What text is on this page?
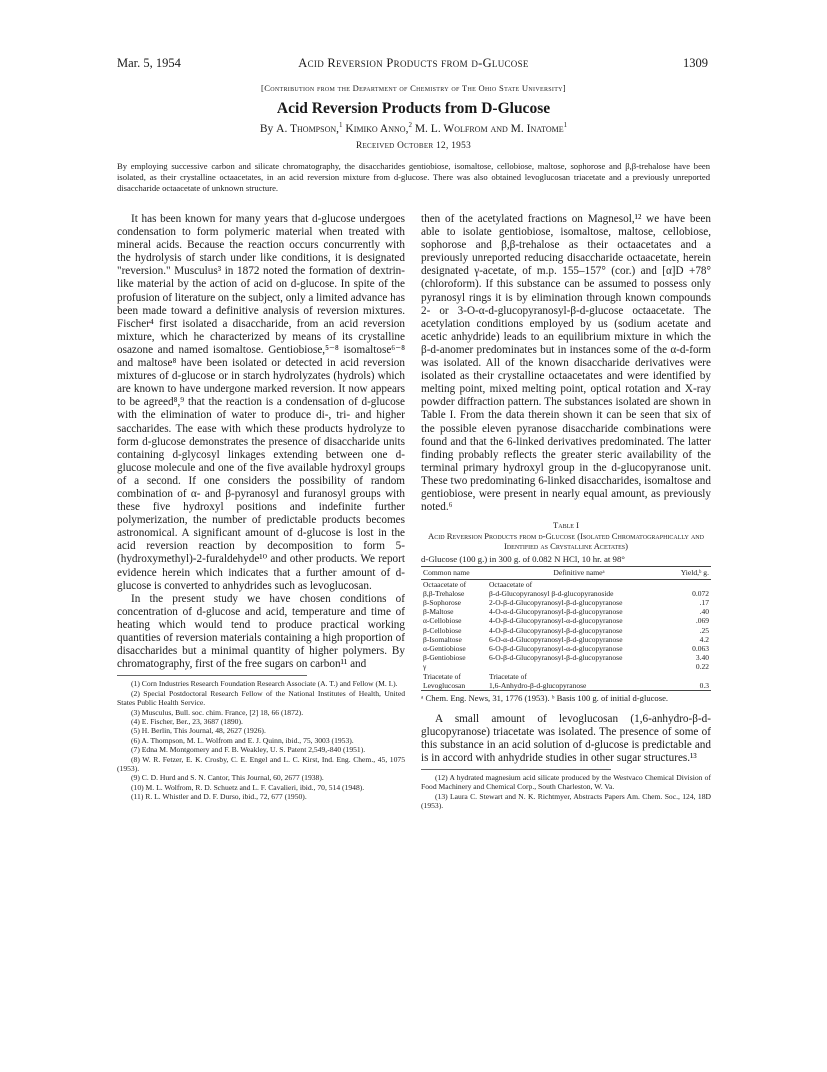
Mar. 5, 1954	Acid Reversion Products from d-Glucose	1309
[Contribution from the Department of Chemistry of The Ohio State University]
Acid Reversion Products from D-Glucose
By A. Thompson,$^1$ Kimiko Anno,$^2$ M. L. Wolfrom and M. Inatome$^1$
Received October 12, 1953
By employing successive carbon and silicate chromatography, the disaccharides gentiobiose, isomaltose, cellobiose, maltose, sophorose and β,β-trehalose have been isolated, as their crystalline octaacetates, in an acid reversion mixture from d-glucose. There was also obtained levoglucosan triacetate and a previously unreported disaccharide octaacetate of unknown structure.

It has been known for many years that d-glucose undergoes condensation to form polymeric material when treated with mineral acids. Because the reaction occurs concurrently with the hydrolysis of starch under like conditions, it is designated "reversion." Musculus³ in 1872 noted the formation of dextrin-like material by the action of acid on d-glucose. In spite of the profusion of literature on the subject, only a limited advance has been made toward a definitive analysis of reversion mixtures. Fischer⁴ first isolated a disaccharide, from an acid reversion mixture, which he characterized by means of its crystalline osazone and named isomaltose. Gentiobiose,⁵⁻⁸ isomaltose⁶⁻⁸ and maltose⁸ have been isolated or detected in acid reversion mixtures of d-glucose or in starch hydrolyzates (hydrols) which are known to have undergone marked reversion. It now appears to be agreed⁸,⁹ that the reaction is a condensation of d-glucose with the elimination of water to produce di-, tri- and higher saccharides. The ease with which these products hydrolyze to form d-glucose demonstrates the presence of disaccharide units containing d-glycosyl linkages extending between one d-glucose molecule and one of the five available hydroxyl groups of a second. If one considers the possibility of random combination of α- and β-pyranosyl and furanosyl groups with these five hydroxyl positions and indefinite further polymerization, the number of predictable products becomes astronomical. A significant amount of d-glucose is lost in the acid reversion reaction by decomposition to form 5-(hydroxymethyl)-2-furaldehyde¹⁰ and other products. We report evidence herein which indicates that a further amount of d-glucose is converted to anhydrides such as levoglucosan.

In the present study we have chosen conditions of concentration of d-glucose and acid, temperature and time of heating which would tend to produce practical working quantities of reversion materials containing a high proportion of disaccharides but a minimal quantity of higher polymers. By chromatography, first of the free sugars on carbon¹¹ and

(1) Corn Industries Research Foundation Research Associate (A. T.) and Fellow (M. I.).

(2) Special Postdoctoral Research Fellow of the National Institutes of Health, United States Public Health Service.

(3) Musculus, Bull. soc. chim. France, [2] 18, 66 (1872).

(4) E. Fischer, Ber., 23, 3687 (1890).

(5) H. Berlin, This Journal, 48, 2627 (1926).

(6) A. Thompson, M. L. Wolfrom and E. J. Quinn, ibid., 75, 3003 (1953).

(7) Edna M. Montgomery and F. B. Weakley, U. S. Patent 2,549,-840 (1951).

(8) W. R. Fetzer, E. K. Crosby, C. E. Engel and L. C. Kirst, Ind. Eng. Chem., 45, 1075 (1953).

(9) C. D. Hurd and S. N. Cantor, This Journal, 60, 2677 (1938).

(10) M. L. Wolfrom, R. D. Schuetz and L. F. Cavalieri, ibid., 70, 514 (1948).

(11) R. L. Whistler and D. F. Durso, ibid., 72, 677 (1950).

then of the acetylated fractions on Magnesol,¹² we have been able to isolate gentiobiose, isomaltose, maltose, cellobiose, sophorose and β,β-trehalose as their octaacetates and a previously unreported reducing disaccharide octaacetate, herein designated γ-acetate, of m.p. 155–157° (cor.) and [α]D +78° (chloroform). If this substance can be assumed to possess only pyranosyl rings it is by elimination through known compounds 2- or 3-O-α-d-glucopyranosyl-β-d-glucose octaacetate. The acetylation conditions employed by us (sodium acetate and acetic anhydride) leads to an equilibrium mixture in which the β-d-anomer predominates but in instances some of the α-d-form was isolated. All of the known disaccharide derivatives were isolated as their crystalline octaacetates and were identified by melting point, mixed melting point, optical rotation and X-ray powder diffraction pattern. The substances isolated are shown in Table I. From the data therein shown it can be seen that six of the possible eleven pyranose disaccharide combinations were found and that the 6-linked derivatives predominated. The latter finding probably reflects the greater steric availability of the terminal primary hydroxyl group in the d-glucopyranose unit. These two predominating 6-linked disaccharides, isomaltose and gentiobiose, were present in nearly equal amount, as previously noted.⁶

Table I
Acid Reversion Products from d-Glucose (Isolated Chromatographically and Identified as Crystalline Acetates)
d-Glucose (100 g.) in 300 g. of 0.082 N HCl, 10 hr. at 98°
Common name	Definitive nameᵃ	Yield,ᵇ g.
Octaacetate of	Octaacetate of	
β,β-Trehalose	β-d-Glucopyranosyl β-d-glucopyranoside	0.072
β-Sophorose	2-O-β-d-Glucopyranosyl-β-d-glucopyranose	.17
β-Maltose	4-O-α-d-Glucopyranosyl-β-d-glucopyranose	.40
α-Cellobiose	4-O-β-d-Glucopyranosyl-α-d-glucopyranose	.069
β-Cellobiose	4-O-β-d-Glucopyranosyl-β-d-glucopyranose	.25
β-Isomaltose	6-O-α-d-Glucopyranosyl-β-d-glucopyranose	4.2
α-Gentiobiose	6-O-β-d-Glucopyranosyl-α-d-glucopyranose	0.063
β-Gentiobiose	6-O-β-d-Glucopyranosyl-β-d-glucopyranose	3.40
γ		0.22
Triacetate of	Triacetate of	
Levoglucosan	1,6-Anhydro-β-d-glucopyranose	0.3
ᵃ Chem. Eng. News, 31, 1776 (1953). ᵇ Basis 100 g. of initial d-glucose.

A small amount of levoglucosan (1,6-anhydro-β-d-glucopyranose) triacetate was isolated. The presence of some of this substance in an acid solution of d-glucose is predictable and is in accord with anhydride studies in other sugar structures.¹³

(12) A hydrated magnesium acid silicate produced by the Westvaco Chemical Division of Food Machinery and Chemical Corp., South Charleston, W. Va.

(13) Laura C. Stewart and N. K. Richtmyer, Abstracts Papers Am. Chem. Soc., 124, 18D (1953).
